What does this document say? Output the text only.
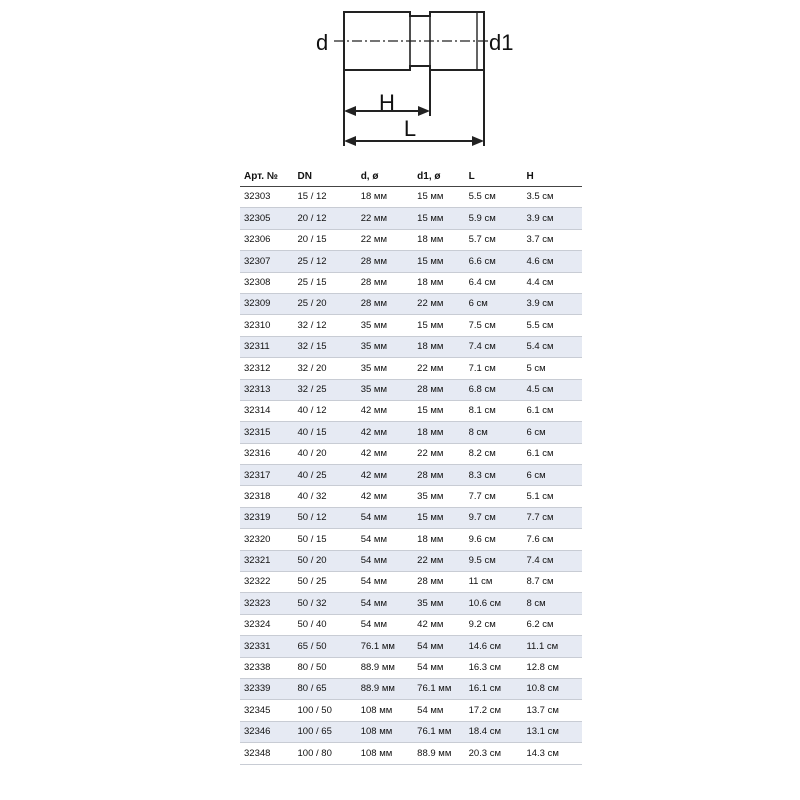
d	d1
H
L
Арт. №	DN	d, ø	d1, ø	L	H
32303	15 / 12	18 мм	15 мм	5.5 см	3.5 см
32305	20 / 12	22 мм	15 мм	5.9 см	3.9 см
32306	20 / 15	22 мм	18 мм	5.7 см	3.7 см
32307	25 / 12	28 мм	15 мм	6.6 см	4.6 см
32308	25 / 15	28 мм	18 мм	6.4 см	4.4 см
32309	25 / 20	28 мм	22 мм	6 см	3.9 см
32310	32 / 12	35 мм	15 мм	7.5 см	5.5 см
32311	32 / 15	35 мм	18 мм	7.4 см	5.4 см
32312	32 / 20	35 мм	22 мм	7.1 см	5 см
32313	32 / 25	35 мм	28 мм	6.8 см	4.5 см
32314	40 / 12	42 мм	15 мм	8.1 см	6.1 см
32315	40 / 15	42 мм	18 мм	8 см	6 см
32316	40 / 20	42 мм	22 мм	8.2 см	6.1 см
32317	40 / 25	42 мм	28 мм	8.3 см	6 см
32318	40 / 32	42 мм	35 мм	7.7 см	5.1 см
32319	50 / 12	54 мм	15 мм	9.7 см	7.7 см
32320	50 / 15	54 мм	18 мм	9.6 см	7.6 см
32321	50 / 20	54 мм	22 мм	9.5 см	7.4 см
32322	50 / 25	54 мм	28 мм	11 см	8.7 см
32323	50 / 32	54 мм	35 мм	10.6 см	8 см
32324	50 / 40	54 мм	42 мм	9.2 см	6.2 см
32331	65 / 50	76.1 мм	54 мм	14.6 см	11.1 см
32338	80 / 50	88.9 мм	54 мм	16.3 см	12.8 см
32339	80 / 65	88.9 мм	76.1 мм	16.1 см	10.8 см
32345	100 / 50	108 мм	54 мм	17.2 см	13.7 см
32346	100 / 65	108 мм	76.1 мм	18.4 см	13.1 см
32348	100 / 80	108 мм	88.9 мм	20.3 см	14.3 см
